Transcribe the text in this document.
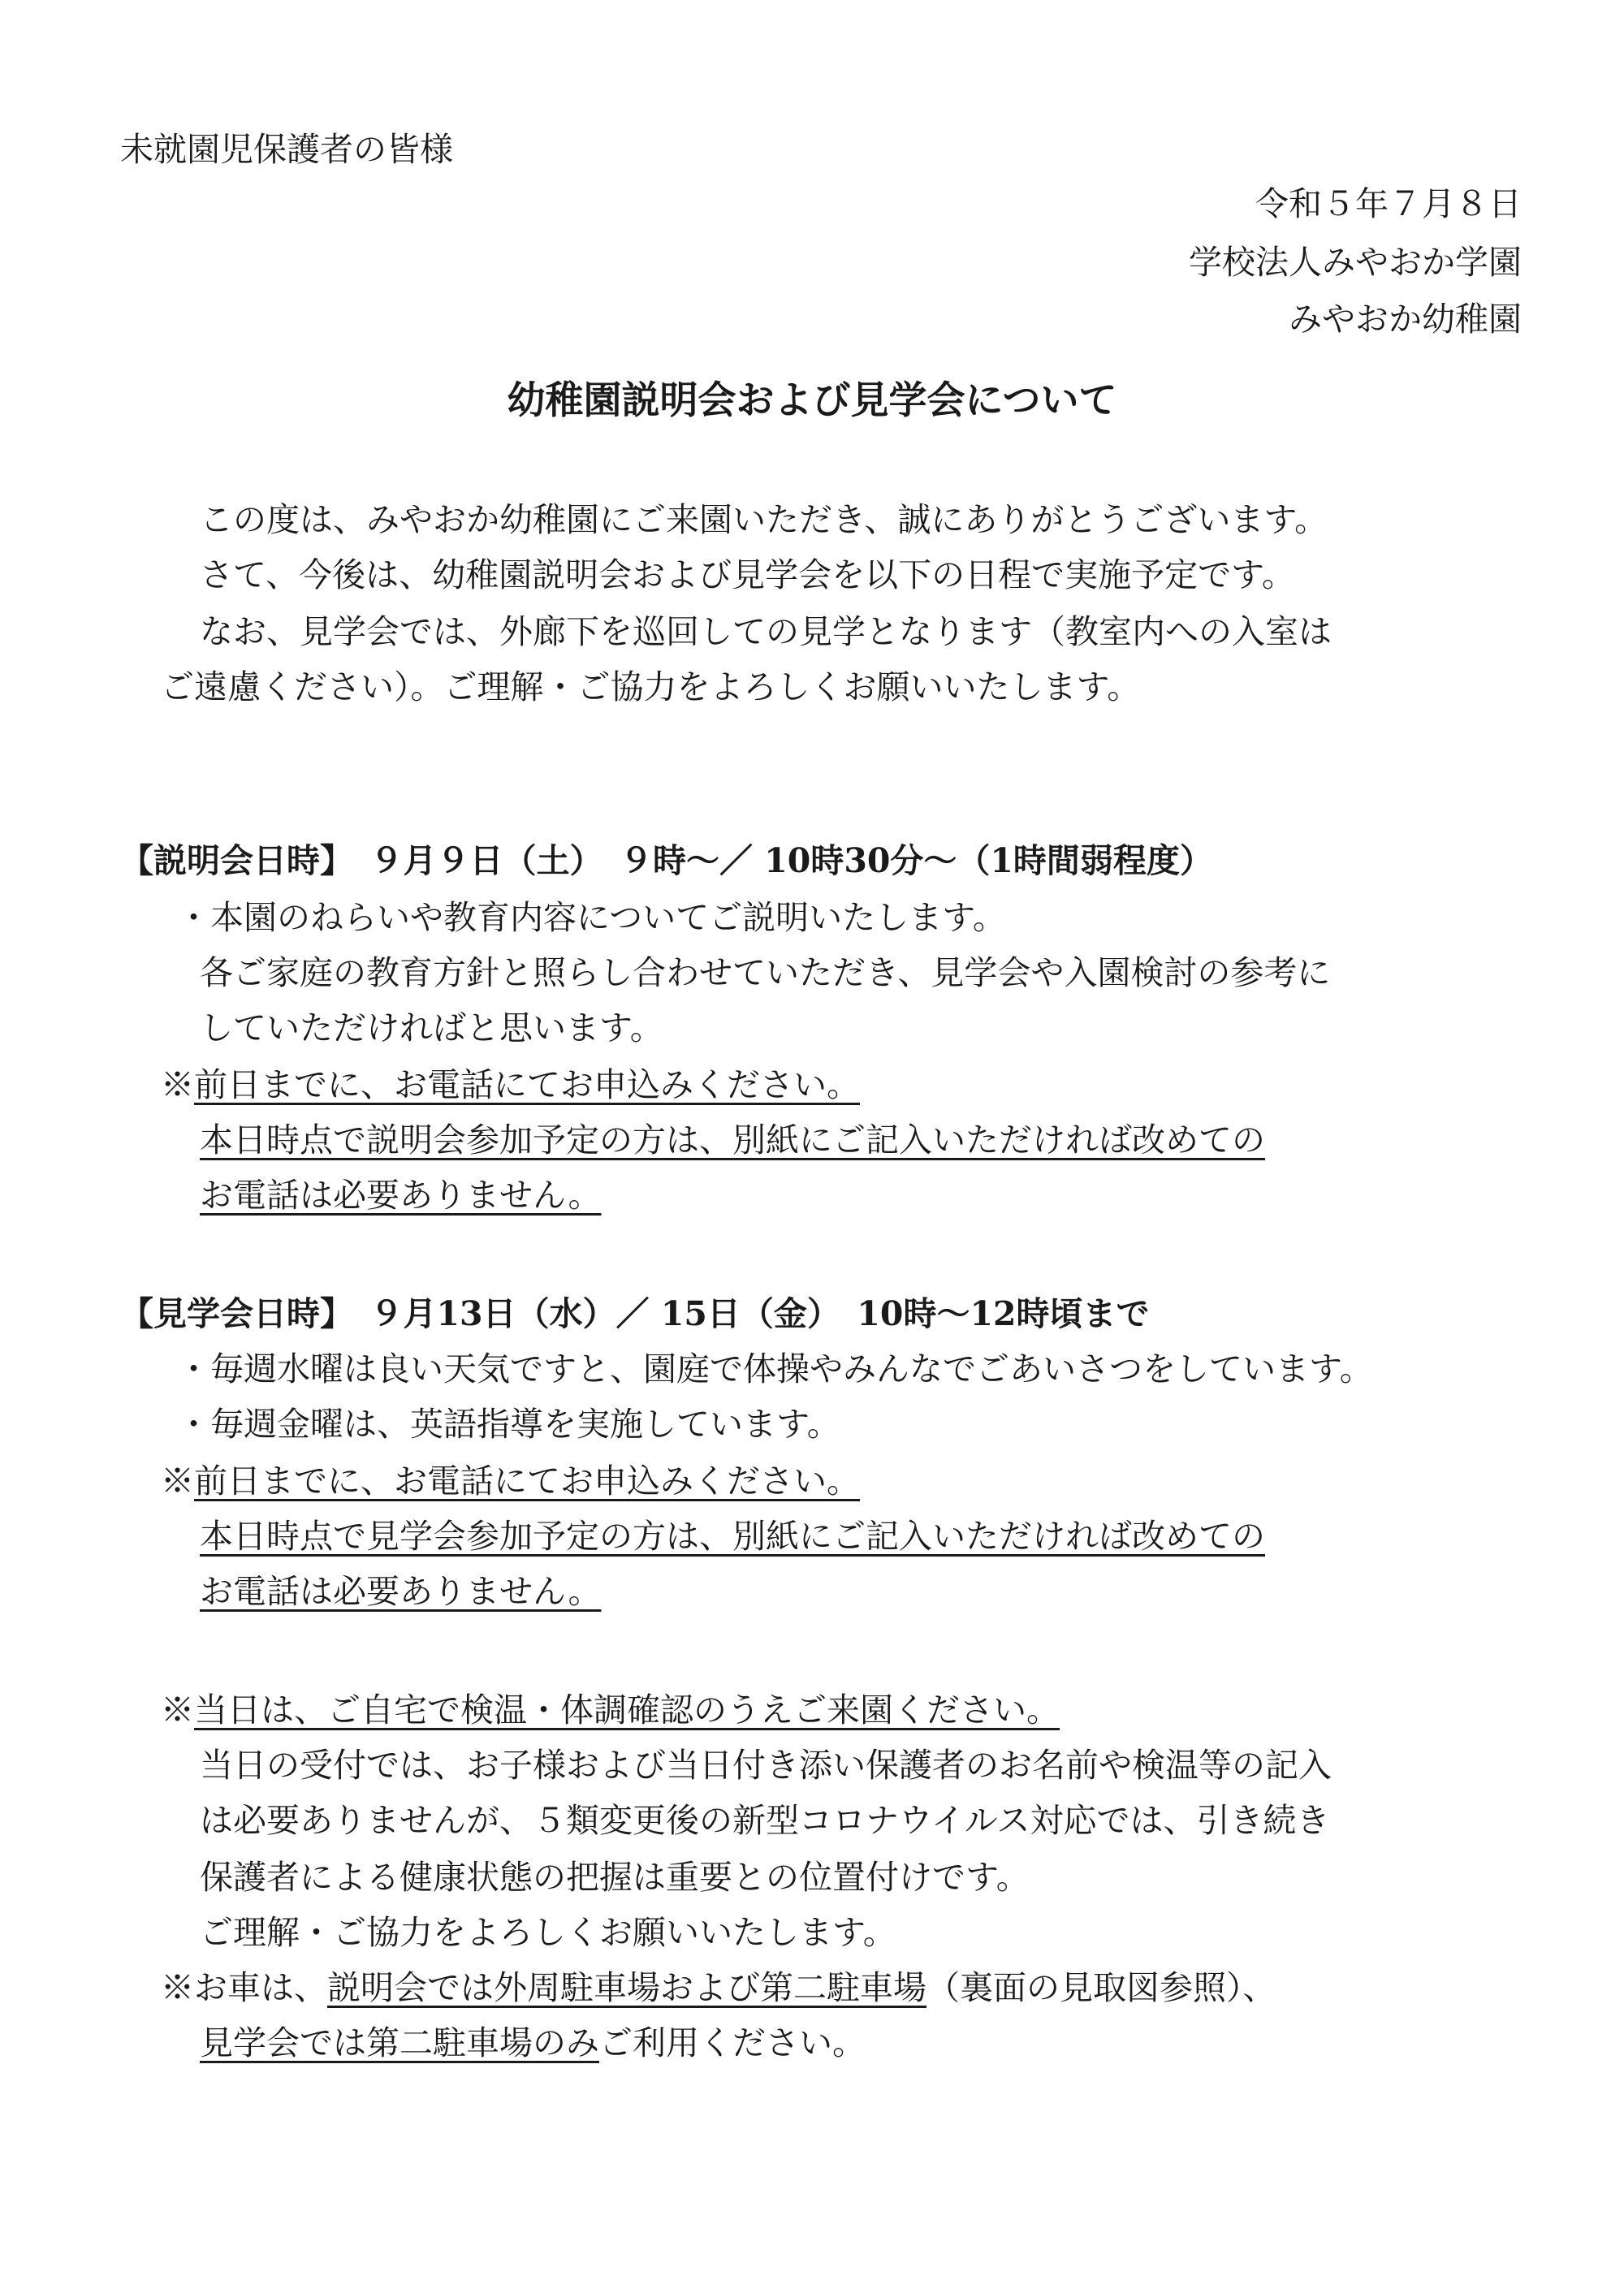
未就園児保護者の皆様
令和５年７月８日
学校法人みやおか学園
みやおか幼稚園
幼稚園説明会および見学会について
この度は、みやおか幼稚園にご来園いただき、誠にありがとうございます。
さて、今後は、幼稚園説明会および見学会を以下の日程で実施予定です。
なお、見学会では、外廊下を巡回しての見学となります（教室内への入室は
ご遠慮ください）。ご理解・ご協力をよろしくお願いいたします。
【説明会日時】　９月９日（土）　９時～／ 10時30分～（1時間弱程度）
・本園のねらいや教育内容についてご説明いたします。
各ご家庭の教育方針と照らし合わせていただき、見学会や入園検討の参考に
していただければと思います。
※前日までに、お電話にてお申込みください。
本日時点で説明会参加予定の方は、別紙にご記入いただければ改めての
お電話は必要ありません。
【見学会日時】　９月13日（水）／ 15日（金）　10時～12時頃まで
・毎週水曜は良い天気ですと、園庭で体操やみんなでごあいさつをしています。
・毎週金曜は、英語指導を実施しています。
※前日までに、お電話にてお申込みください。
本日時点で見学会参加予定の方は、別紙にご記入いただければ改めての
お電話は必要ありません。
※当日は、ご自宅で検温・体調確認のうえご来園ください。
当日の受付では、お子様および当日付き添い保護者のお名前や検温等の記入
は必要ありませんが、５類変更後の新型コロナウイルス対応では、引き続き
保護者による健康状態の把握は重要との位置付けです。
ご理解・ご協力をよろしくお願いいたします。
※お車は、説明会では外周駐車場および第二駐車場（裏面の見取図参照）、
見学会では第二駐車場のみご利用ください。
